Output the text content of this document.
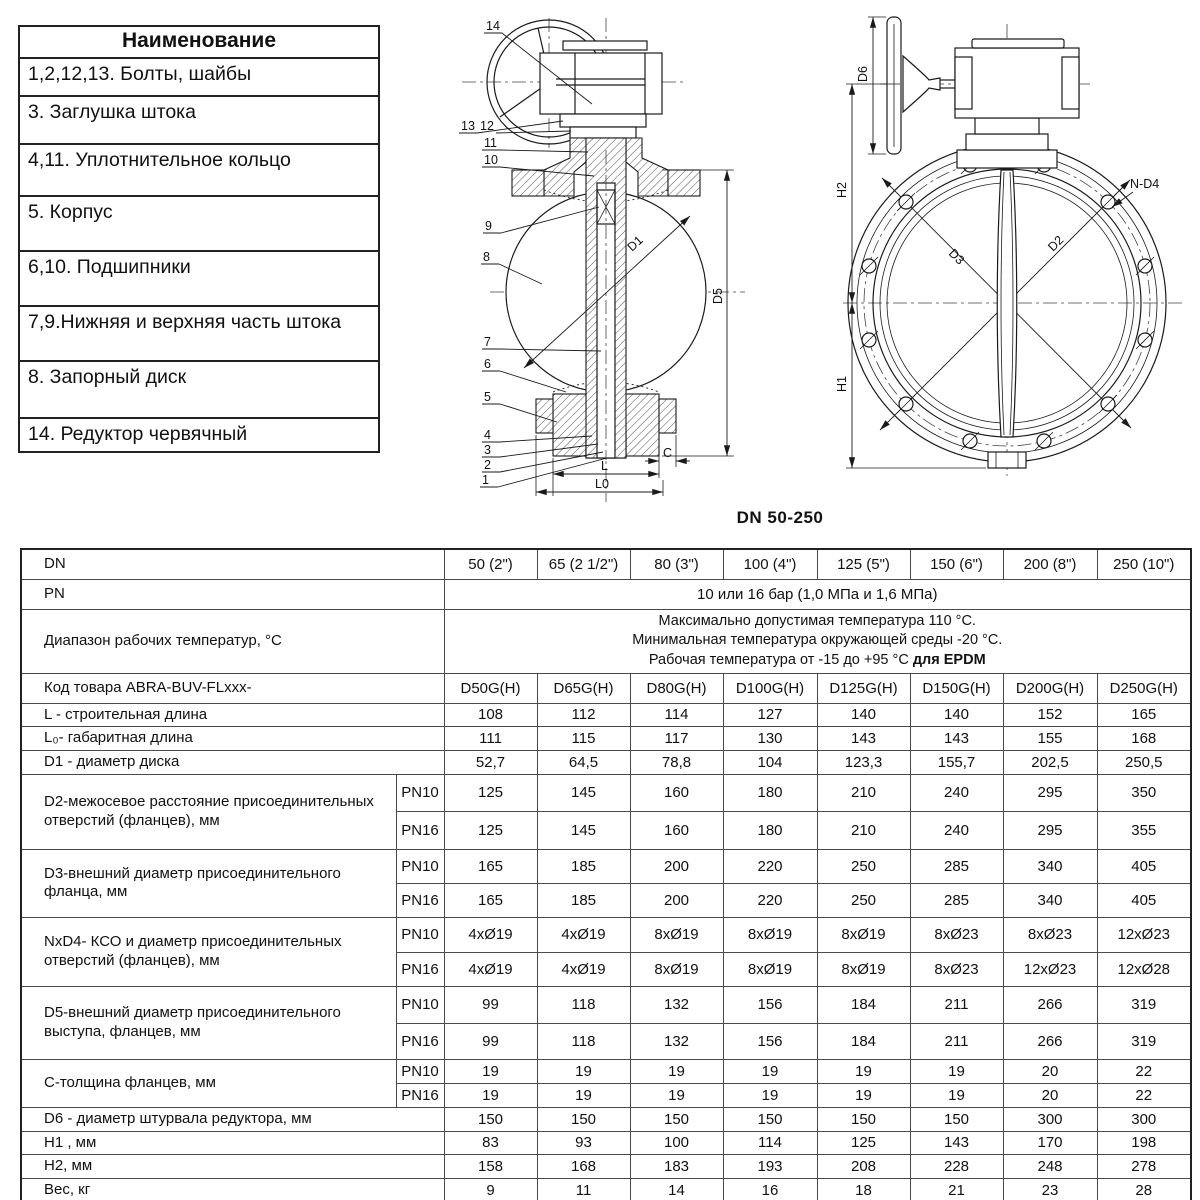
D1
D5
C
L
L0
14
13 12
11
10
9
8
7
6
5
4
3
2
1
D3
D2
D6
H2
H1
N-D4
Наименование
1,2,12,13. Болты, шайбы
3. Заглушка штока
4,11. Уплотнительное кольцо
5. Корпус
6,10. Подшипники
7,9.Нижняя и верхняя часть штока
8. Запорный диск
14. Редуктор червячный
DN 50-250
DN		50 (2")	65 (2 1/2")	80 (3")	100 (4")	125 (5")	150 (6")	200 (8")	250 (10")
PN		10 или 16 бар (1,0 МПа и 1,6 МПа)							
Диапазон рабочих температур, °С		Максимально допустимая температура 110 °С.
Минимальная температура окружающей среды -20 °С.
Рабочая температура от -15 до +95 °С для EPDM							

Код товара ABRA-BUV-FLxxx-		D50G(H)	D65G(H)	D80G(H)	D100G(H)	D125G(H)	D150G(H)	D200G(H)	D250G(H)
L - строительная длина		108	112	114	127	140	140	152	165
L₀- габаритная длина		111	115	117	130	143	143	155	168
D1 - диаметр диска		52,7	64,5	78,8	104	123,3	155,7	202,5	250,5
D2-межосевое расстояние присоединительных отверстий (фланцев), мм	PN10	125	145	160	180	210	240	295	350
	PN16	125	145	160	180	210	240	295	355
D3-внешний диаметр присоединительного фланца, мм	PN10	165	185	200	220	250	285	340	405
	PN16	165	185	200	220	250	285	340	405
NxD4- КСО и диаметр присоединительных отверстий (фланцев), мм	PN10	4xØ19	4xØ19	8xØ19	8xØ19	8xØ19	8xØ23	8xØ23	12xØ23
	PN16	4xØ19	4xØ19	8xØ19	8xØ19	8xØ19	8xØ23	12xØ23	12xØ28
D5-внешний диаметр присоединительного выступа, фланцев, мм	PN10	99	118	132	156	184	211	266	319
	PN16	99	118	132	156	184	211	266	319
С-толщина фланцев, мм	PN10	19	19	19	19	19	19	20	22
	PN16	19	19	19	19	19	19	20	22
D6 - диаметр штурвала редуктора, мм		150	150	150	150	150	150	300	300
H1 , мм		83	93	100	114	125	143	170	198
H2, мм		158	168	183	193	208	228	248	278
Вес, кг		9	11	14	16	18	21	23	28
